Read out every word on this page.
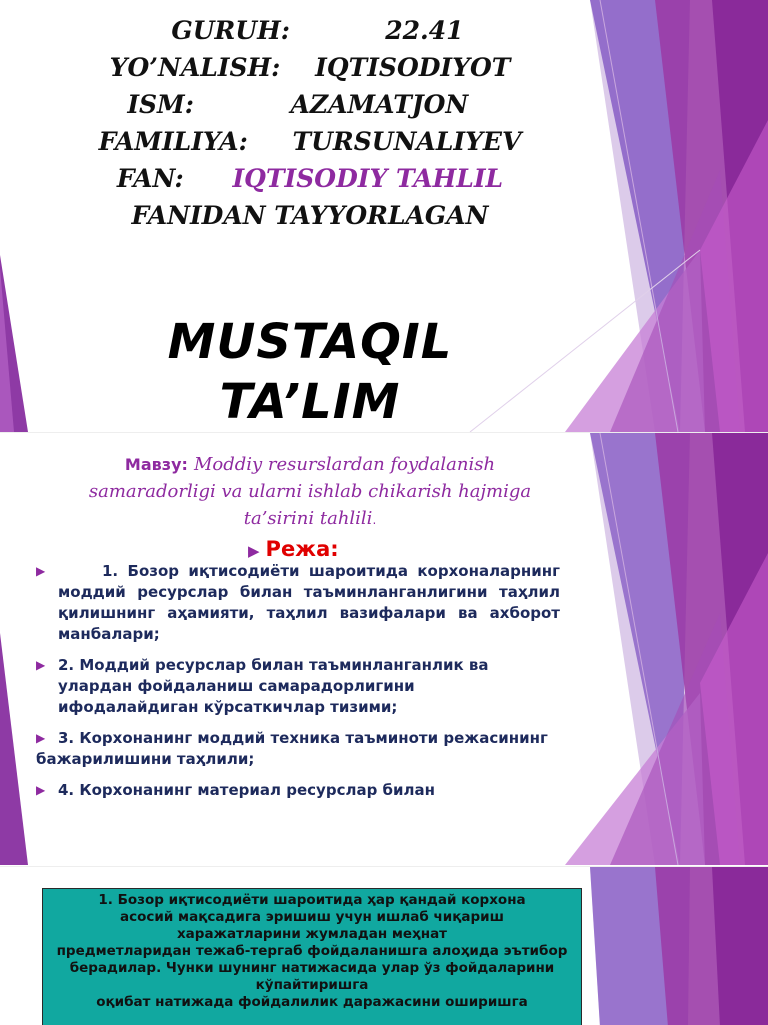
GURUH:	22.41
YO’NALISH: IQTISODIYOT
ISM:	AZAMATJON
FAMILIYA: TURSUNALIYEV
FAN: IQTISODIY TAHLIL
FANIDAN TAYYORLAGAN
MUSTAQIL
TA’LIM
Мавзу: Moddiy resurslardan foydalanish samaradorligi va ularni ishlab chikarish hajmiga ta’sirini tahlili.
▶ Режа:
▶	1. Бозор иқтисодиёти шароитида корхоналарнинг моддий ресурслар билан таъминланганлигини таҳлил қилишнинг аҳамияти, таҳлил вазифалари ва ахборот манбалари;
▶ 2. Моддий ресурслар билан таъминланганлик ва улардан фойдаланиш самарадорлигини ифодалайдиган кўрсаткичлар тизими;
▶ 3. Корхонанинг моддий техника таъминоти режасининг бажарилишини таҳлили;
▶ 4. Корхонанинг материал ресурслар билан
1. Бозор иқтисодиёти шароитида ҳар қандай корхона
асосий мақсадига эришиш учун ишлаб чиқариш
харажатларини жумладан меҳнат
предметларидан тежаб-тергаб фойдаланишга алоҳида эътибор
берадилар. Чунки шунинг натижасида улар ўз фойдаларини кўпайтиришга
оқибат натижада фойдалилик даражасини оширишга
